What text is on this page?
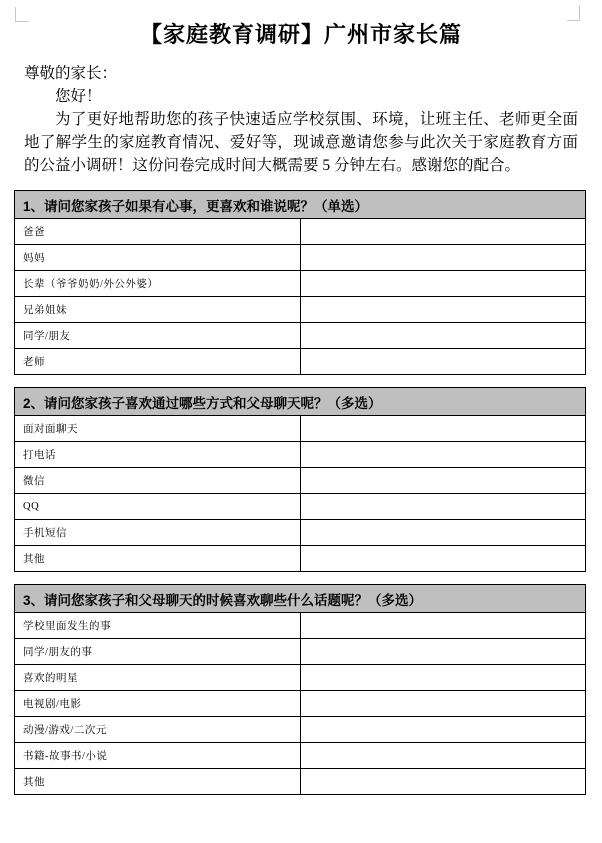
【家庭教育调研】广州市家长篇

尊敬的家长：

您好！

为了更好地帮助您的孩子快速适应学校氛围、环境，让班主任、老师更全面地了解学生的家庭教育情况、爱好等，现诚意邀请您参与此次关于家庭教育方面的公益小调研！这份问卷完成时间大概需要 5 分钟左右。感谢您的配合。

1、请问您家孩子如果有心事，更喜欢和谁说呢？（单选）	
爸爸	
妈妈	
长辈（爷爷奶奶/外公外婆）	
兄弟姐妹	
同学/朋友	
老师	
2、请问您家孩子喜欢通过哪些方式和父母聊天呢？（多选）	
面对面聊天	
打电话	
微信	
QQ	
手机短信	
其他	
3、请问您家孩子和父母聊天的时候喜欢聊些什么话题呢？（多选）	
学校里面发生的事	
同学/朋友的事	
喜欢的明星	
电视剧/电影	
动漫/游戏/二次元	
书籍-故事书/小说	
其他	
